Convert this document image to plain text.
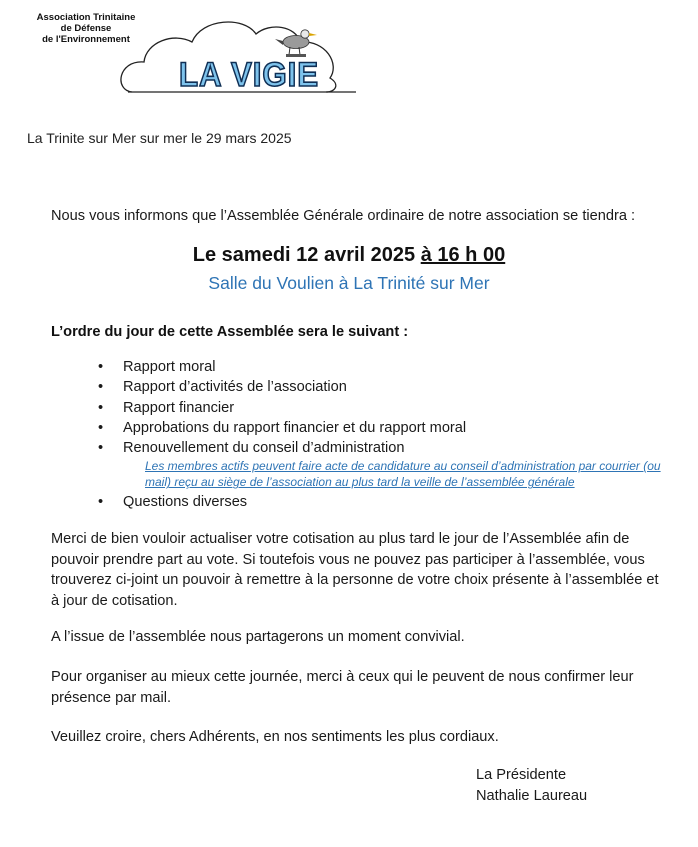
Association Trinitaine
de Défense
de l'Environnement
LA VIGIE
La Trinite sur Mer sur mer le 29 mars 2025
Nous vous informons que l’Assemblée Générale ordinaire de notre association se tiendra :
Le samedi 12 avril 2025 à 16 h 00
Salle du Voulien à La Trinité sur Mer
L’ordre du jour de cette Assemblée sera le suivant :
•	Rapport moral
•	Rapport d’activités de l’association
•	Rapport financier
•	Approbations du rapport financier et du rapport moral
•	Renouvellement du conseil d’administration
Les membres actifs peuvent faire acte de candidature au conseil d’administration par courrier (ou mail) reçu au siège de l’association au plus tard la veille de l’assemblée générale
•	Questions diverses
Merci de bien vouloir actualiser votre cotisation au plus tard le jour de l’Assemblée afin de pouvoir prendre part au vote. Si toutefois vous ne pouvez pas participer à l’assemblée, vous trouverez ci-joint un pouvoir à remettre à la personne de votre choix présente à l’assemblée et à jour de cotisation.
A l’issue de l’assemblée nous partagerons un moment convivial.
Pour organiser au mieux cette journée, merci à ceux qui le peuvent de nous confirmer leur présence par mail.
Veuillez croire, chers Adhérents, en nos sentiments les plus cordiaux.
La Présidente
Nathalie Laureau
